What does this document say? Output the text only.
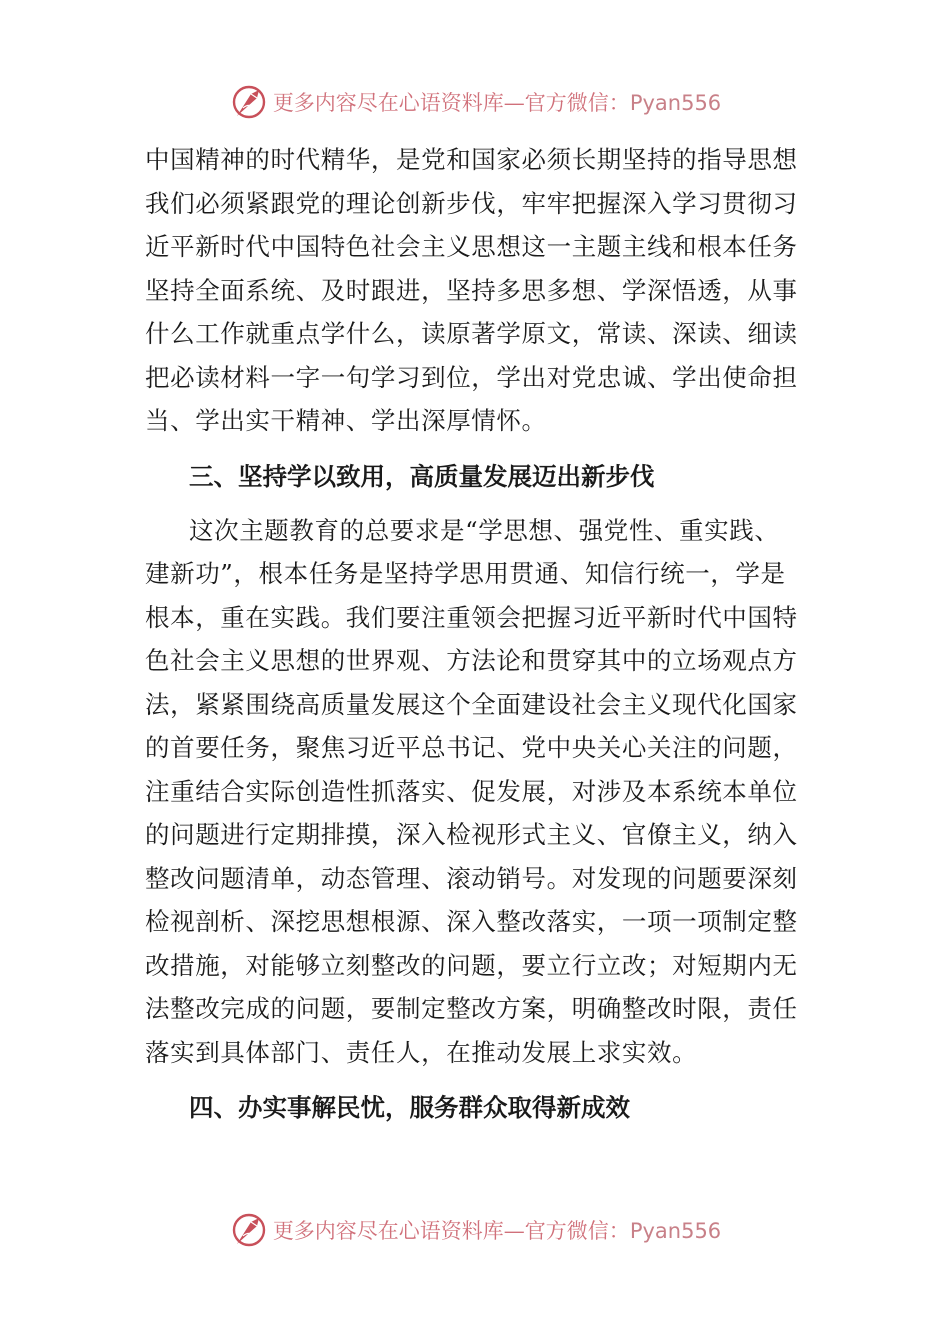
更多内容尽在心语资料库—官方微信：Pyan556
中国精神的时代精华，是党和国家必须长期坚持的指导思想
我们必须紧跟党的理论创新步伐，牢牢把握深入学习贯彻习
近平新时代中国特色社会主义思想这一主题主线和根本任务
坚持全面系统、及时跟进，坚持多思多想、学深悟透，从事
什么工作就重点学什么，读原著学原文，常读、深读、细读
把必读材料一字一句学习到位，学出对党忠诚、学出使命担
当、学出实干精神、学出深厚情怀。
三、坚持学以致用，高质量发展迈出新步伐
这次主题教育的总要求是“学思想、强党性、重实践、
建新功”，根本任务是坚持学思用贯通、知信行统一，学是
根本，重在实践。我们要注重领会把握习近平新时代中国特
色社会主义思想的世界观、方法论和贯穿其中的立场观点方
法，紧紧围绕高质量发展这个全面建设社会主义现代化国家
的首要任务，聚焦习近平总书记、党中央关心关注的问题，
注重结合实际创造性抓落实、促发展，对涉及本系统本单位
的问题进行定期排摸，深入检视形式主义、官僚主义，纳入
整改问题清单，动态管理、滚动销号。对发现的问题要深刻
检视剖析、深挖思想根源、深入整改落实，一项一项制定整
改措施，对能够立刻整改的问题，要立行立改；对短期内无
法整改完成的问题，要制定整改方案，明确整改时限，责任
落实到具体部门、责任人，在推动发展上求实效。
四、办实事解民忧，服务群众取得新成效
更多内容尽在心语资料库—官方微信：Pyan556
